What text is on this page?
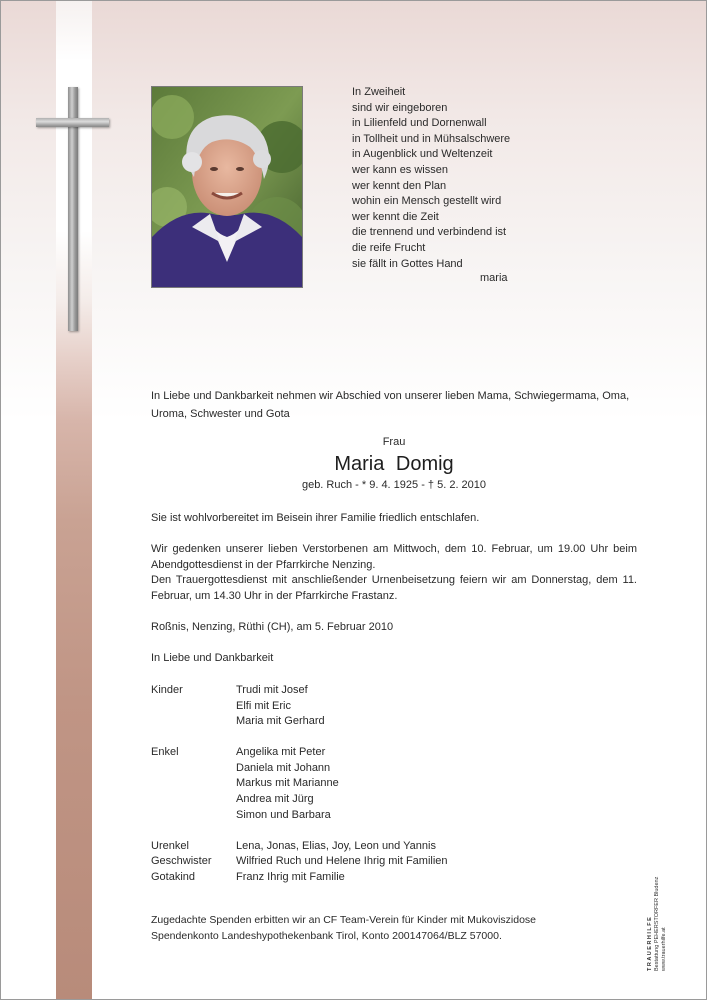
In Zweiheit
sind wir eingeboren
in Lilienfeld und Dornenwall
in Tollheit und in Mühsalschwere
in Augenblick und Weltenzeit
wer kann es wissen
wer kennt den Plan
wohin ein Mensch gestellt wird
wer kennt die Zeit
die trennend und verbindend ist
die reife Frucht
sie fällt in Gottes Hand
maria
In Liebe und Dankbarkeit nehmen wir Abschied von unserer lieben Mama, Schwiegermama, Oma, Uroma, Schwester und Gota
Frau
Maria Domig
geb. Ruch - * 9. 4. 1925 - † 5. 2. 2010
Sie ist wohlvorbereitet im Beisein ihrer Familie friedlich entschlafen.
Wir gedenken unserer lieben Verstorbenen am Mittwoch, dem 10. Februar, um 19.00 Uhr beim Abendgottesdienst in der Pfarrkirche Nenzing.
Den Trauergottesdienst mit anschließender Urnenbeisetzung feiern wir am Donnerstag, dem 11. Februar, um 14.30 Uhr in der Pfarrkirche Frastanz.
Roßnis, Nenzing, Rüthi (CH), am 5. Februar 2010
In Liebe und Dankbarkeit
Kinder	Trudi mit Josef
Elfi mit Eric
Maria mit Gerhard
Enkel	Angelika mit Peter
Daniela mit Johann
Markus mit Marianne
Andrea mit Jürg
Simon und Barbara
Urenkel	Lena, Jonas, Elias, Joy, Leon und Yannis
Geschwister	Wilfried Ruch und Helene Ihrig mit Familien
Gotakind	Franz Ihrig mit Familie
Zugedachte Spenden erbitten wir an CF Team-Verein für Kinder mit Mukoviszidose
Spendenkonto Landeshypothekenbank Tirol, Konto 200147064/BLZ 57000.	TRAUERHILFE Bestattung PEHERSTORFER Bludenz www.trauerhilfe.at
